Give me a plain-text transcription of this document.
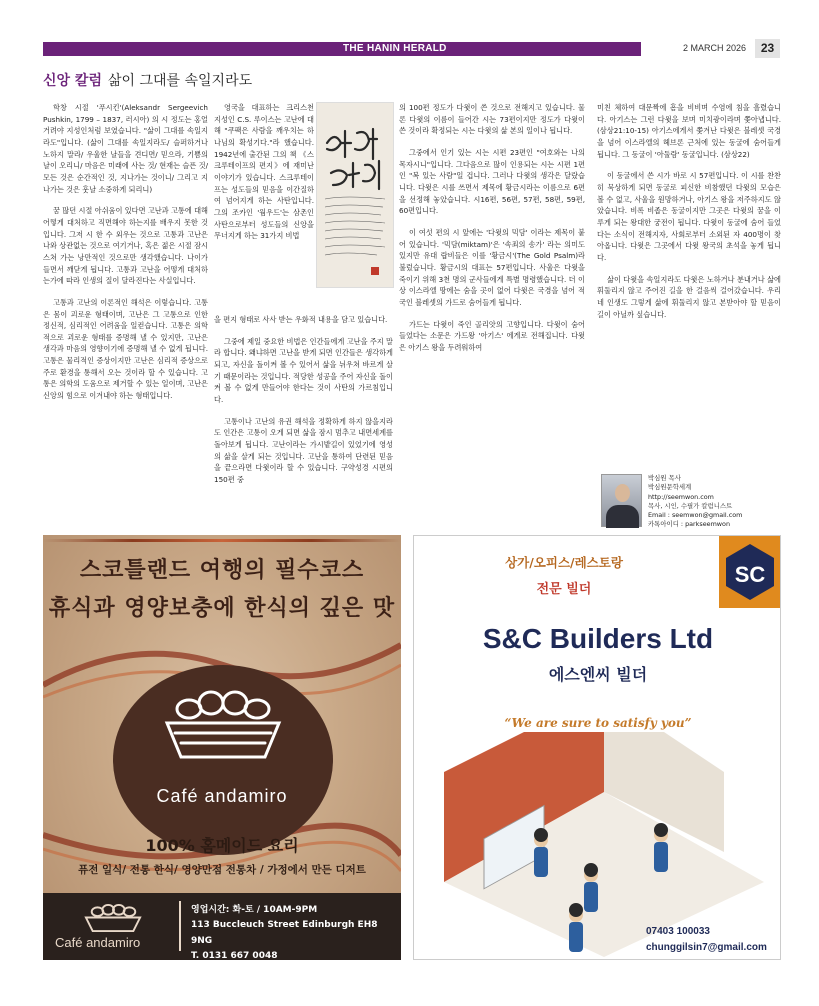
THE HANIN HERALD	2 MARCH 2026	23
신앙 칼럼 삶이 그대를 속일지라도

학창 시절 '푸시킨'(Aleksandr Sergeevich Pushkin, 1799 – 1837, 러시아) 의 시 정도는 홍얼거려야 지성인처럼 보였습니다. "삶이 그대를 속일지라도"입니다. (삶이 그대를 속일지라도/ 슬퍼하거나 노하지 말라/ 우울한 날들을 견디면/ 믿으라, 기쁨의 날이 오리니/ 마음은 미래에 사는 것/ 현재는 슬픈 것/ 모든 것은 순간적인 것, 지나가는 것이니/ 그리고 지나가는 것은 훗날 소중하게 되리니)

꿈 많던 시절 아쉬움이 있다면 고난과 고통에 대해 어떻게 대처하고 직면해야 하는지를 배우지 못한 것입니다. 그저 시 한 수 외우는 것으로 고통과 고난은 나와 상관없는 것으로 여기거나, 혹은 젊은 시절 잠시 스쳐 가는 낭만적인 것으로만 생각했습니다. 나이가 들면서 깨닫게 됩니다. 고통과 고난을 어떻게 대처하는가에 따라 인생의 질이 달라진다는 사실입니다.

고통과 고난의 이론적인 해석은 이렇습니다. 고통은 몸이 괴로운 형태이며, 고난은 그 고통으로 인한 정신적, 심리적인 어려움을 일컫습니다. 고통은 의학적으로 괴로운 형태를 증명해 낼 수 있지만, 고난은 생각과 마음의 영향이기에 증명해 낼 수 없게 됩니다. 고통은 물리적인 증상이지만 고난은 심리적 증상으로 주로 환경을 통해서 오는 것이라 할 수 있습니다. 고통은 의학의 도움으로 제거할 수 있는 일이며, 고난은 신앙의 힘으로 이겨내야 하는 형태입니다.

영국을 대표하는 크리스천 지성인 C.S. 루이스는 고난에 대해 "쿠팩은 사람을 깨우치는 하나님의 확성기다."라 했습니다. 1942년에 출간된 그의 책 《스크루테이프의 편지》에 재미난 이야기가 있습니다. 스크루테이프는 성도들의 믿음을 이간질하여 넘어지게 하는 사탄입니다. 그의 조카인 '웜우드'는 삼촌인 사탄으로부터 성도들의 신앙을 무너지게 하는 31가지 비법

을 편지 형태로 사사 받는 우화적 내용을 담고 있습니다.

그중에 제일 중요한 비법은 인간들에게 고난을 주지 말라 합니다. 왜냐하면 고난을 받게 되면 인간들은 생각하게 되고, 자신을 돌이켜 볼 수 있어서 삶을 뉘우쳐 바르게 살기 때문이라는 것입니다. 적당한 성공을 주어 자신을 돌이켜 볼 수 없게 만들어야 한다는 것이 사탄의 가르침입니다.

고통이나 고난의 유권 해석을 정확하게 하지 않을지라도 인간은 고통이 오게 되면 삶을 잠시 멈추고 내면세계를 돌아보게 됩니다. 고난이라는 가시밭길이 있었기에 영성의 삶을 살게 되는 것입니다. 고난을 통하여 단련된 믿음을 끝으라면 다윗이라 할 수 있습니다. 구약성경 시편의 150편 중

의 100편 정도가 다윗이 쓴 것으로 전해지고 있습니다. 물론 다윗의 이름이 들어간 시는 73편이지만 정도가 다윗이 쓴 것이라 확정되는 시는 다윗의 삶 본의 일이나 됩니다.

그중에서 인기 있는 시는 시편 23편인 "여호와는 나의 목자시니"입니다. 그다음으로 많이 인용되는 시는 시편 1편인 "복 있는 사람"일 겁니다. 그러나 다윗의 생각은 달랐습니다. 다윗은 시를 쓰면서 제목에 황금시라는 이름으로 6편을 선정해 놓았습니다. 시16편, 56편, 57편, 58편, 59편, 60편입니다.

이 여섯 편의 시 앞에는 '다윗의 믹담' 이라는 제목이 붙어 있습니다. '믹담(miktam)'은 '속죄의 송가' 라는 의미도 있지만 유대 랍비들은 이를 '황금시'(The Gold Psalm)라 불렀습니다. 황금시의 대표는 57편입니다. 사울은 다윗을 죽이기 위해 3천 명의 군사들에게 특별 명령했습니다. 더 이상 이스라엘 땅에는 숨을 곳이 없어 다윗은 국경을 넘어 적국인 블레셋의 가드로 숨어들게 됩니다.

가드는 다윗이 죽인 골리앗의 고향입니다. 다윗이 숨어 들었다는 소문은 가드왕 '아기스' 에게로 전해집니다. 다윗은 아기스 왕을 두려워하여

미친 체하여 대문짝에 흠을 비비며 수염에 침을 흘렸습니다. 아기스는 그런 다윗을 보며 미치광이라며 쫓아냅니다. (삼상21:10-15) 아기스에게서 쫓겨난 다윗은 블레셋 국경을 넘어 이스라엘의 헤브론 근처에 있는 동굴에 숨어들게 됩니다. 그 동굴이 '아둘람' 동굴입니다. (삼상22)

이 동굴에서 쓴 시가 바로 시 57편입니다. 이 시를 찬찬히 묵상하게 되면 동굴로 피신한 비참했던 다윗의 모습은 볼 수 없고, 사울을 원망하거나, 아기스 왕을 저주하지도 않았습니다. 비록 비좁은 동굴이지만 그곳은 다윗의 꿈을 이루게 되는 왕대한 궁전이 됩니다. 다윗이 동굴에 숨어 들었다는 소식이 전해지자, 사회로부터 소외된 자 400명이 찾아옵니다. 다윗은 그곳에서 다윗 왕국의 초석을 놓게 됩니다.

삶이 다윗을 속일지라도 다윗은 노하거나 분내거나 삶에 휘둘리지 않고 주어진 길을 한 걸음씩 걸어갔습니다. 우리네 인생도 그렇게 삶에 휘둘리지 않고 본받아야 할 믿음이 길이 아닐까 싶습니다.

박심원 목사
박심원문학세계
http://seemwon.com
목사, 시인, 수필가 칼럼니스트
Email : seemwon@gmail.com
카톡아이디 : parkseemwon
스코틀랜드 여행의 필수코스
휴식과 영양보충에 한식의 깊은 맛
Café andamiro
100% 홈메이드 요리
퓨전 일식/ 전통 한식/ 영양만점 전통차 / 가정에서 만든 디저트
Café andamiro
영업시간: 화-토 / 10AM-9PM
113 Buccleuch Street Edinburgh EH8 9NG
T. 0131 667 0048
상가/오피스/레스토랑
전문 빌더
SC
S&C Builders Ltd
에스엔씨 빌더
“We are sure to satisfy you”
07403 100033
chunggilsin7@gmail.com
